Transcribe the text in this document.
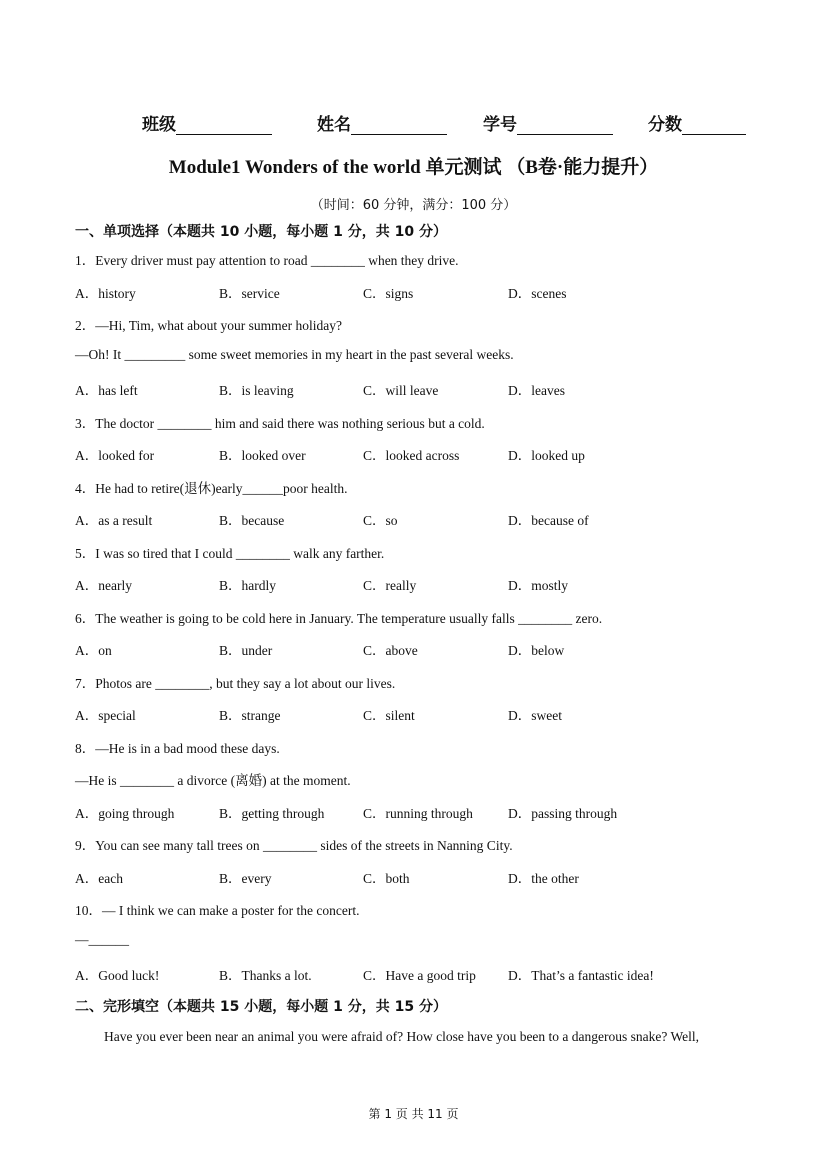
班级	姓名	学号	分数
Module1 Wonders of the world 单元测试 （B卷·能力提升）
（时间：60 分钟，满分：100 分）
一、单项选择（本题共 10 小题，每小题 1 分，共 10 分）
1．Every driver must pay attention to road ________ when they drive.
A．history	B．service	C．signs	D．scenes
2．—Hi, Tim, what about your summer holiday?
—Oh! It _________ some sweet memories in my heart in the past several weeks.
A．has left	B．is leaving	C．will leave	D．leaves
3．The doctor ________ him and said there was nothing serious but a cold.
A．looked for	B．looked over	C．looked across	D．looked up
4．He had to retire(退休)early______poor health.
A．as a result	B．because	C．so	D．because of
5．I was so tired that I could ________ walk any farther.
A．nearly	B．hardly	C．really	D．mostly
6．The weather is going to be cold here in January. The temperature usually falls ________ zero.
A．on	B．under	C．above	D．below
7．Photos are ________, but they say a lot about our lives.
A．special	B．strange	C．silent	D．sweet
8．—He is in a bad mood these days.
—He is ________ a divorce (离婚) at the moment.
A．going through	B．getting through	C．running through	D．passing through
9．You can see many tall trees on ________ sides of the streets in Nanning City.
A．each	B．every	C．both	D．the other
10．— I think we can make a poster for the concert.
—______
A．Good luck!	B．Thanks a lot.	C．Have a good trip D．That’s a fantastic idea!
二、完形填空（本题共 15 小题，每小题 1 分，共 15 分）
Have you ever been near an animal you were afraid of? How close have you been to a dangerous snake? Well,
第 1 页 共 11 页
